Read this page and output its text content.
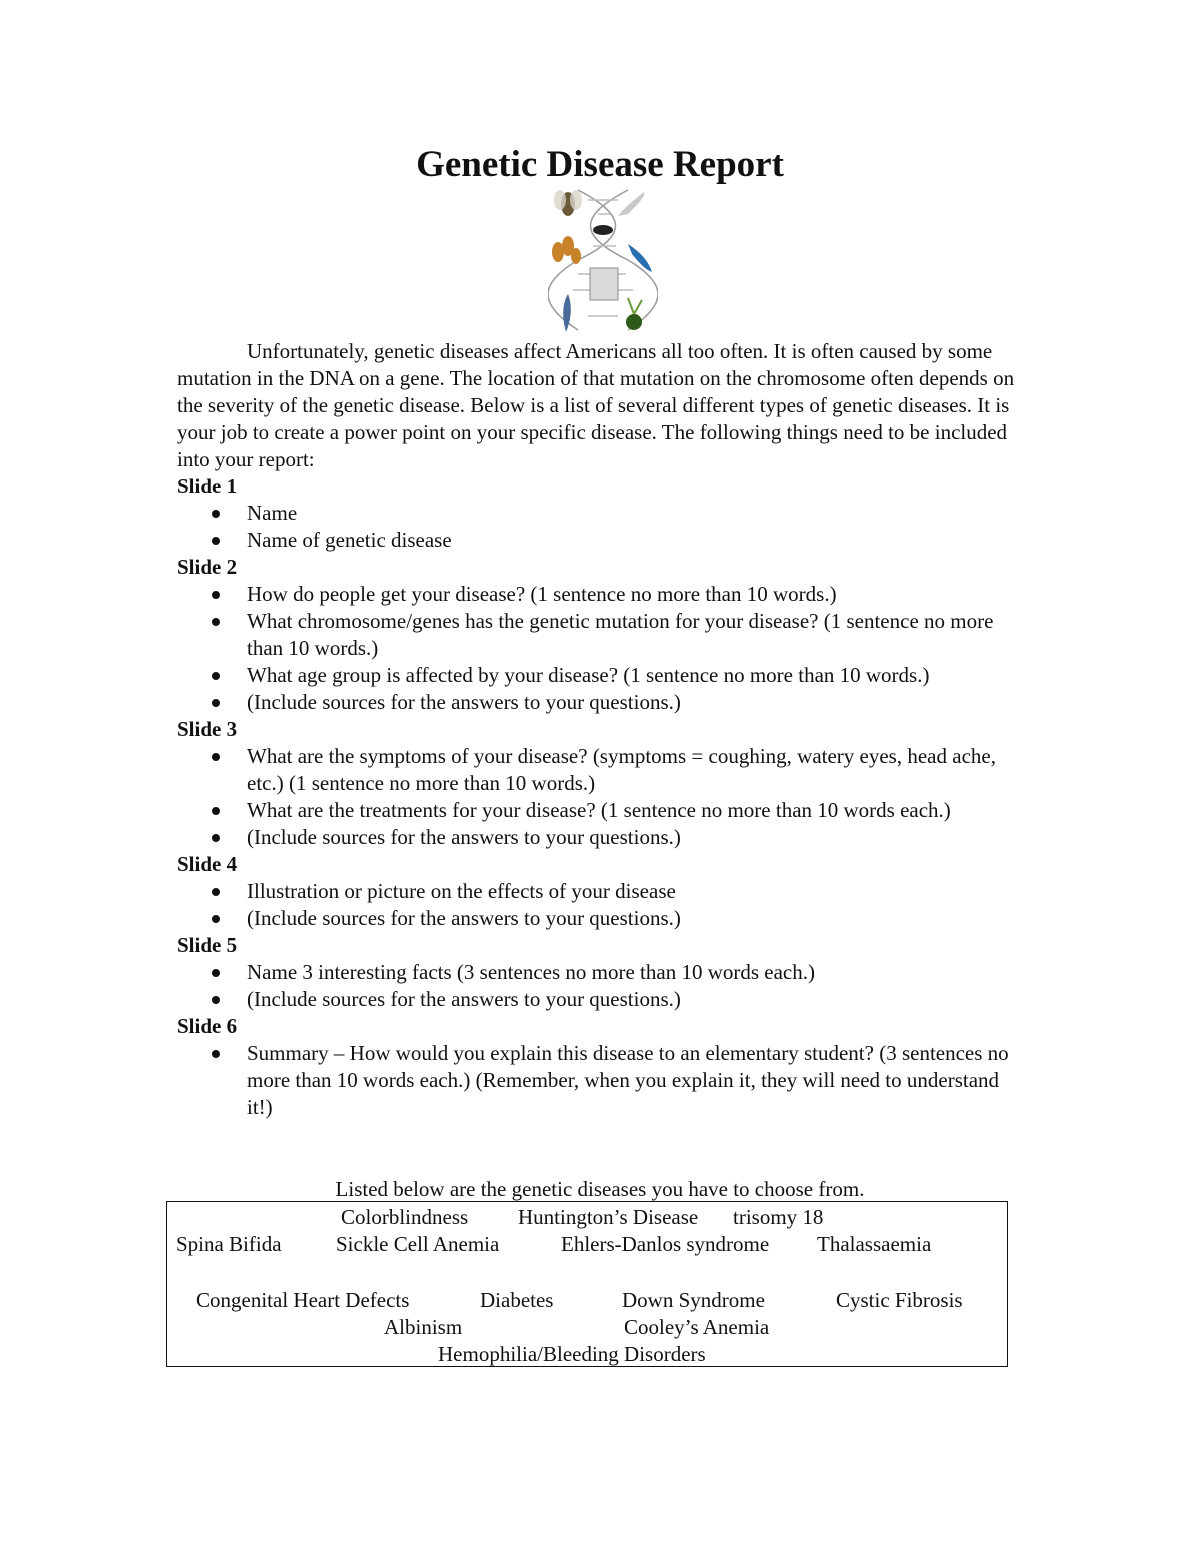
Genetic Disease Report

Unfortunately, genetic diseases affect Americans all too often. It is often caused by some mutation in the DNA on a gene. The location of that mutation on the chromosome often depends on the severity of the genetic disease. Below is a list of several different types of genetic diseases. It is your job to create a power point on your specific disease. The following things need to be included into your report:

Slide 1

Name
Name of genetic disease

Slide 2

How do people get your disease? (1 sentence no more than 10 words.)
What chromosome/genes has the genetic mutation for your disease? (1 sentence no more than 10 words.)
What age group is affected by your disease? (1 sentence no more than 10 words.)
(Include sources for the answers to your questions.)

Slide 3

What are the symptoms of your disease? (symptoms = coughing, watery eyes, head ache, etc.) (1 sentence no more than 10 words.)
What are the treatments for your disease? (1 sentence no more than 10 words each.)
(Include sources for the answers to your questions.)

Slide 4

Illustration or picture on the effects of your disease
(Include sources for the answers to your questions.)

Slide 5

Name 3 interesting facts (3 sentences no more than 10 words each.)
(Include sources for the answers to your questions.)

Slide 6

Summary – How would you explain this disease to an elementary student? (3 sentences no more than 10 words each.) (Remember, when you explain it, they will need to understand it!)

Listed below are the genetic diseases you have to choose from.

Colorblindness Huntington’s Disease trisomy 18
Spina Bifida	Sickle Cell Anemia	Ehlers-Danlos syndrome Thalassaemia
Congenital Heart Defects	Diabetes	Down Syndrome	Cystic Fibrosis
Albinism	Cooley’s Anemia
Hemophilia/Bleeding Disorders
